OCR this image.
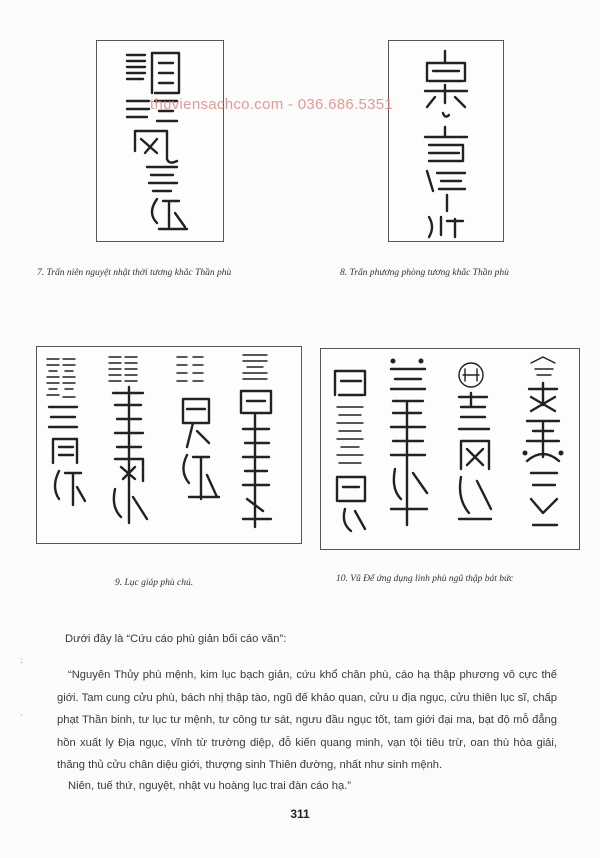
thuviensachco.com - 036.686.5351
7. Trấn niên nguyệt nhật thời tương khắc Thần phù	8. Trấn phương phòng tương khắc Thần phù
9. Lục giáp phù chú.	10. Vũ Đế ứng dụng linh phù ngũ thập bát bức
Dưới đây là “Cứu cáo phù giản bối cáo văn”:
“Nguyên Thủy phù mệnh, kim lục bạch giản, cứu khổ chân phù, cáo hạ thập phương vô cực thế giới. Tam cung cửu phù, bách nhị thập tào, ngũ đế khảo quan, cửu u địa ngục, cửu thiên lục sĩ, chấp phạt Thần binh, tư lục tư mệnh, tư công tư sát, ngưu đầu ngục tốt, tam giới đại ma, bạt độ mỗ đẳng hồn xuất ly Địa ngục, vĩnh từ trường diệp, đỗ kiến quang minh, vạn tội tiêu trừ, oan thù hòa giải, thăng thủ cửu chân diệu giới, thượng sinh Thiên đường, nhất như sinh mệnh.
Niên, tuế thứ, nguyệt, nhật vu hoàng lục trai đàn cáo hạ.”
:
·
311
